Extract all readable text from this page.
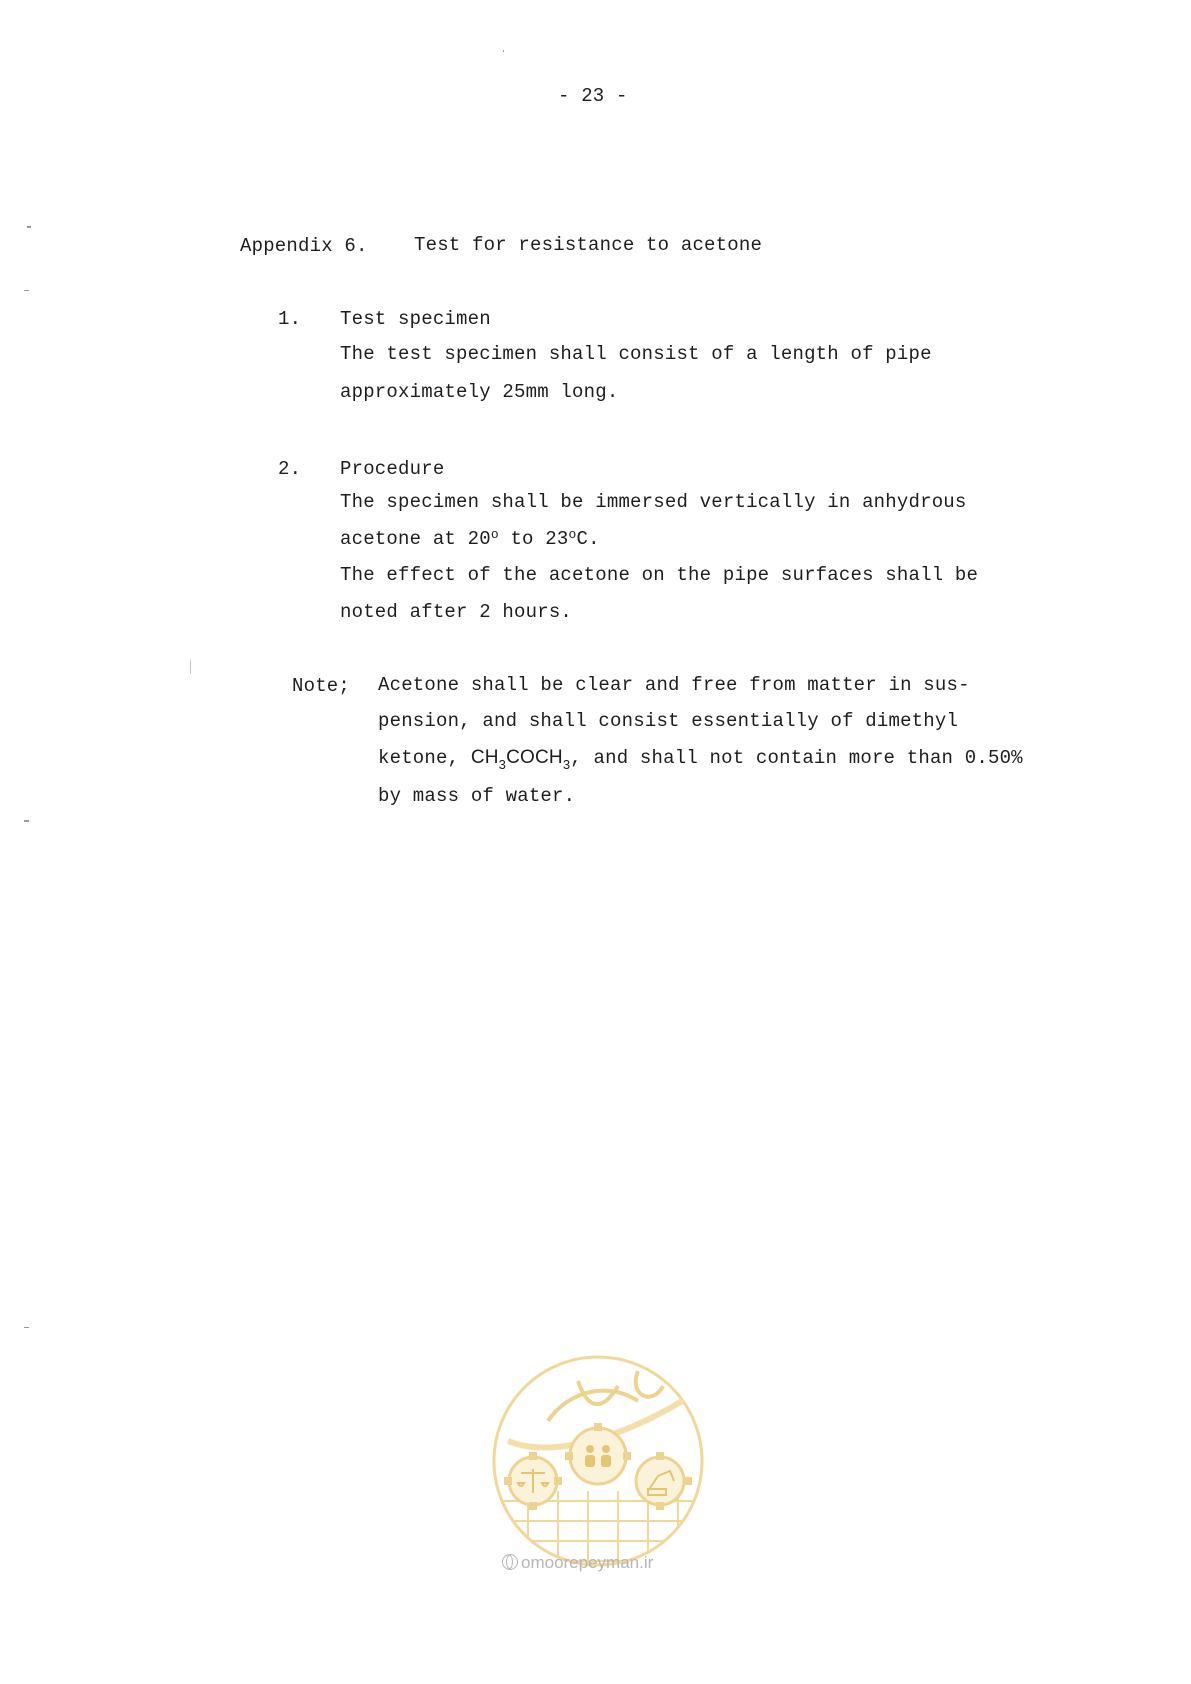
- 23 -
Appendix 6. Test for resistance to acetone
1. Test specimen
The test specimen shall consist of a length of pipe
approximately 25mm long.
2. Procedure
The specimen shall be immersed vertically in anhydrous
acetone at 20$^o$ to 23$^o$C.
The effect of the acetone on the pipe surfaces shall be
noted after 2 hours.
Note; Acetone shall be clear and free from matter in sus-
pension, and shall consist essentially of dimethyl
ketone, $CH_3COCH_3$, and shall not contain more than 0.50%
by mass of water.
omoorepeyman.ir
